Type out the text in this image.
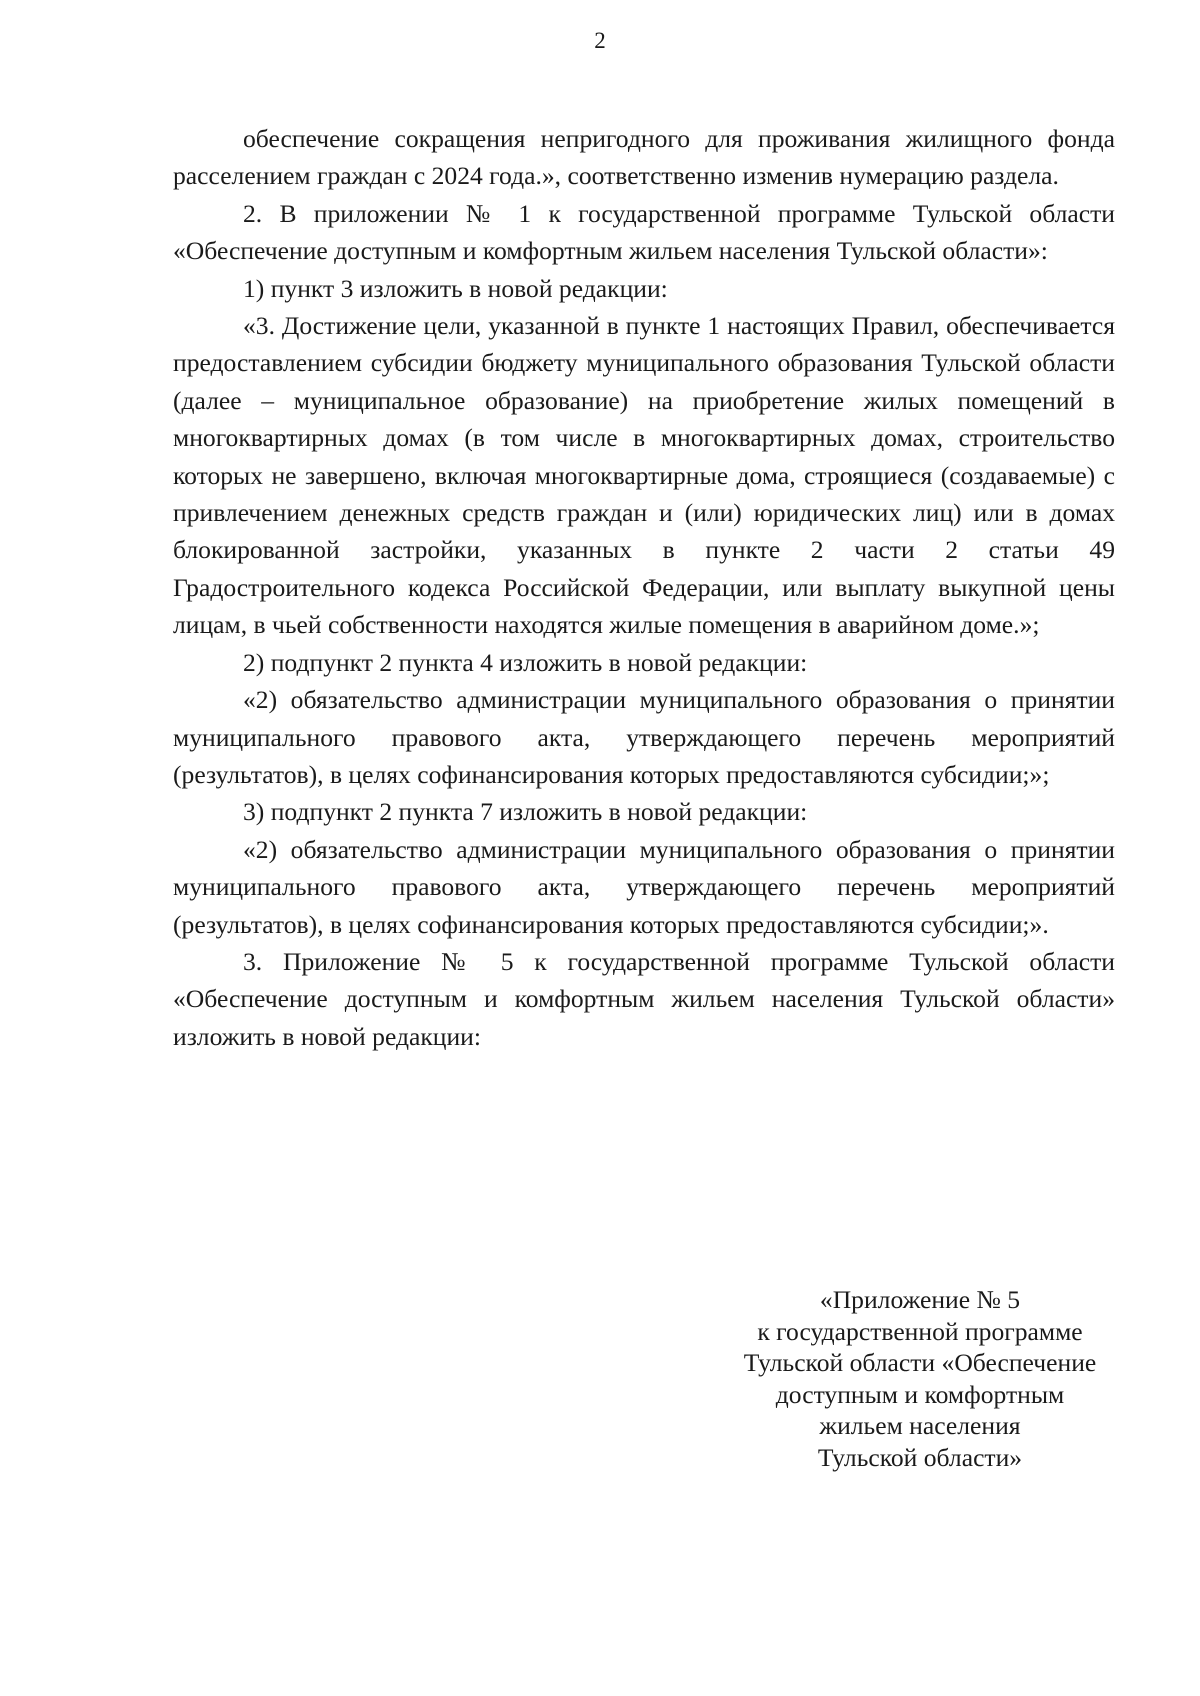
2

обеспечение сокращения непригодного для проживания жилищного фонда расселением граждан с 2024 года.», соответственно изменив нумерацию раздела.

2. В приложении № 1 к государственной программе Тульской области «Обеспечение доступным и комфортным жильем населения Тульской области»:

1) пункт 3 изложить в новой редакции:

«3. Достижение цели, указанной в пункте 1 настоящих Правил, обеспечивается предоставлением субсидии бюджету муниципального образования Тульской области (далее – муниципальное образование) на приобретение жилых помещений в многоквартирных домах (в том числе в многоквартирных домах, строительство которых не завершено, включая многоквартирные дома, строящиеся (создаваемые) с привлечением денежных средств граждан и (или) юридических лиц) или в домах блокированной застройки, указанных в пункте 2 части 2 статьи 49 Градостроительного кодекса Российской Федерации, или выплату выкупной цены лицам, в чьей собственности находятся жилые помещения в аварийном доме.»;

2) подпункт 2 пункта 4 изложить в новой редакции:

«2) обязательство администрации муниципального образования о принятии муниципального правового акта, утверждающего перечень мероприятий (результатов), в целях софинансирования которых предоставляются субсидии;»;

3) подпункт 2 пункта 7 изложить в новой редакции:

«2) обязательство администрации муниципального образования о принятии муниципального правового акта, утверждающего перечень мероприятий (результатов), в целях софинансирования которых предоставляются субсидии;».

3. Приложение № 5 к государственной программе Тульской области «Обеспечение доступным и комфортным жильем населения Тульской области» изложить в новой редакции:

«Приложение № 5
к государственной программе
Тульской области «Обеспечение
доступным и комфортным
жильем населения
Тульской области»
